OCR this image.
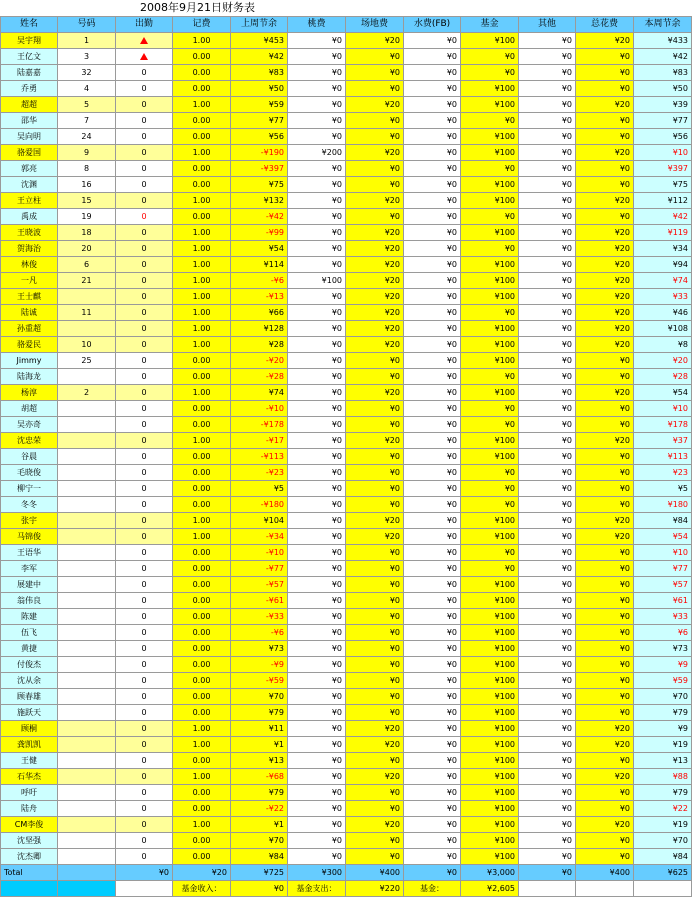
2008年9月21日财务表
姓名	号码	出勤	记费	上周节余	桃费	场地费	水费(FB)	基金	其他	总花费	本周节余
吴宇翔	1		1.00	¥453	¥0	¥20	¥0	¥100	¥0	¥20	¥433
王亿文	3		0.00	¥42	¥0	¥0	¥0	¥0	¥0	¥0	¥42
陆嘉嘉	32	0	0.00	¥83	¥0	¥0	¥0	¥0	¥0	¥0	¥83
乔勇	4	0	0.00	¥50	¥0	¥0	¥0	¥100	¥0	¥0	¥50
超超	5	0	1.00	¥59	¥0	¥20	¥0	¥100	¥0	¥20	¥39
邵华	7	0	0.00	¥77	¥0	¥0	¥0	¥0	¥0	¥0	¥77
吴向明	24	0	0.00	¥56	¥0	¥0	¥0	¥100	¥0	¥0	¥56
骆爱国	9	0	1.00	-¥190	¥200	¥20	¥0	¥100	¥0	¥20	¥10
郭亮	8	0	0.00	-¥397	¥0	¥0	¥0	¥0	¥0	¥0	¥397
沈渊	16	0	0.00	¥75	¥0	¥0	¥0	¥100	¥0	¥0	¥75
王立柱	15	0	1.00	¥132	¥0	¥20	¥0	¥100	¥0	¥20	¥112
禹成	19	0	0.00	-¥42	¥0	¥0	¥0	¥0	¥0	¥0	¥42
王晓波	18	0	1.00	-¥99	¥0	¥20	¥0	¥100	¥0	¥20	¥119
贺海治	20	0	1.00	¥54	¥0	¥20	¥0	¥0	¥0	¥20	¥34
林俊	6	0	1.00	¥114	¥0	¥20	¥0	¥100	¥0	¥20	¥94
一凡	21	0	1.00	-¥6	¥100	¥20	¥0	¥100	¥0	¥20	¥74
王士麒		0	1.00	-¥13	¥0	¥20	¥0	¥100	¥0	¥20	¥33
陆诚	11	0	1.00	¥66	¥0	¥20	¥0	¥0	¥0	¥20	¥46
孙重超		0	1.00	¥128	¥0	¥20	¥0	¥100	¥0	¥20	¥108
骆爱民	10	0	1.00	¥28	¥0	¥20	¥0	¥100	¥0	¥20	¥8
Jimmy	25	0	0.00	-¥20	¥0	¥0	¥0	¥100	¥0	¥0	¥20
陆海龙		0	0.00	-¥28	¥0	¥0	¥0	¥0	¥0	¥0	¥28
杨淳	2	0	1.00	¥74	¥0	¥20	¥0	¥100	¥0	¥20	¥54
胡超		0	0.00	-¥10	¥0	¥0	¥0	¥0	¥0	¥0	¥10
吴亦奇		0	0.00	-¥178	¥0	¥0	¥0	¥0	¥0	¥0	¥178
沈忠荣		0	1.00	-¥17	¥0	¥20	¥0	¥100	¥0	¥20	¥37
谷晨		0	0.00	-¥113	¥0	¥0	¥0	¥100	¥0	¥0	¥113
毛晓俊		0	0.00	-¥23	¥0	¥0	¥0	¥0	¥0	¥0	¥23
柳宁一		0	0.00	¥5	¥0	¥0	¥0	¥0	¥0	¥0	¥5
冬冬		0	0.00	-¥180	¥0	¥0	¥0	¥0	¥0	¥0	¥180
张宇		0	1.00	¥104	¥0	¥20	¥0	¥100	¥0	¥20	¥84
马锦俊		0	1.00	-¥34	¥0	¥20	¥0	¥100	¥0	¥20	¥54
王语华		0	0.00	-¥10	¥0	¥0	¥0	¥0	¥0	¥0	¥10
李军		0	0.00	-¥77	¥0	¥0	¥0	¥0	¥0	¥0	¥77
展建中		0	0.00	-¥57	¥0	¥0	¥0	¥100	¥0	¥0	¥57
翁伟良		0	0.00	-¥61	¥0	¥0	¥0	¥100	¥0	¥0	¥61
陈建		0	0.00	-¥33	¥0	¥0	¥0	¥100	¥0	¥0	¥33
伍飞		0	0.00	-¥6	¥0	¥0	¥0	¥100	¥0	¥0	¥6
黄捷		0	0.00	¥73	¥0	¥0	¥0	¥100	¥0	¥0	¥73
付俊杰		0	0.00	-¥9	¥0	¥0	¥0	¥100	¥0	¥0	¥9
沈从余		0	0.00	-¥59	¥0	¥0	¥0	¥100	¥0	¥0	¥59
顾春雄		0	0.00	¥70	¥0	¥0	¥0	¥100	¥0	¥0	¥70
施跃天		0	0.00	¥79	¥0	¥0	¥0	¥100	¥0	¥0	¥79
顾桐		0	1.00	¥11	¥0	¥20	¥0	¥100	¥0	¥20	¥9
龚凯凯		0	1.00	¥1	¥0	¥20	¥0	¥100	¥0	¥20	¥19
王健		0	0.00	¥13	¥0	¥0	¥0	¥100	¥0	¥0	¥13
石华杰		0	1.00	-¥68	¥0	¥20	¥0	¥100	¥0	¥20	¥88
呼吁		0	0.00	¥79	¥0	¥0	¥0	¥100	¥0	¥0	¥79
陆舟		0	0.00	-¥22	¥0	¥0	¥0	¥100	¥0	¥0	¥22
CM李俊		0	1.00	¥1	¥0	¥20	¥0	¥100	¥0	¥20	¥19
沈坚强		0	0.00	¥70	¥0	¥0	¥0	¥100	¥0	¥0	¥70
沈杰卿		0	0.00	¥84	¥0	¥0	¥0	¥100	¥0	¥0	¥84
Total		¥0	¥20	¥725	¥300	¥400	¥0	¥3,000	¥0	¥400	¥625
			基金收入：	¥0	基金支出：	¥220	基金：	¥2,605			
